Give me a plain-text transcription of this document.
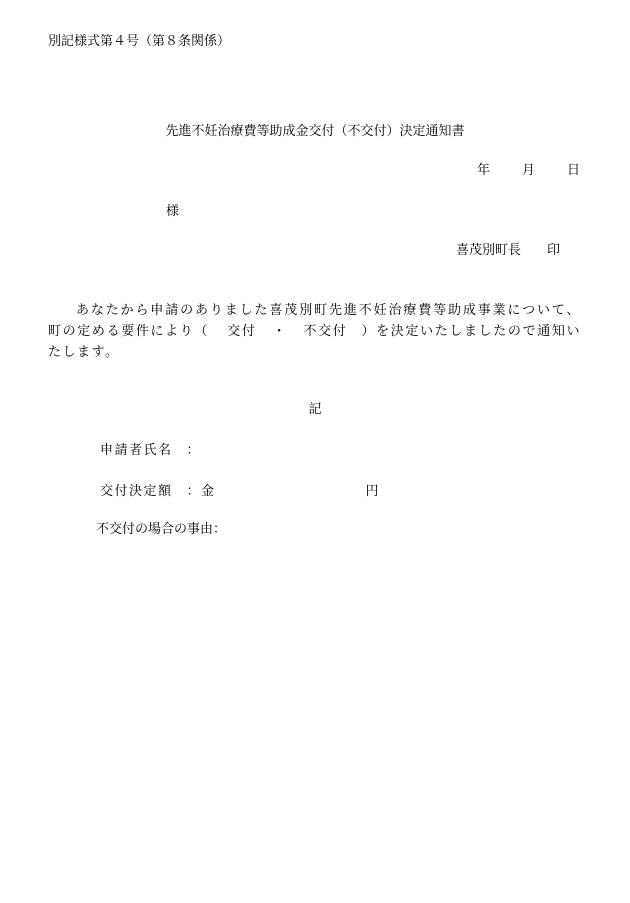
別記様式第４号（第８条関係）
先進不妊治療費等助成金交付（不交付）決定通知書
年 月 日
様
喜茂別町長 印
あなたから申請のありました喜茂別町先進不妊治療費等助成事業について、町の定める要件により（ 交付 ・ 不交付 ）を決定いたしましたので通知いたします。
記
申請者氏名 ：
交付決定額 ：金	円
不交付の場合の事由：
